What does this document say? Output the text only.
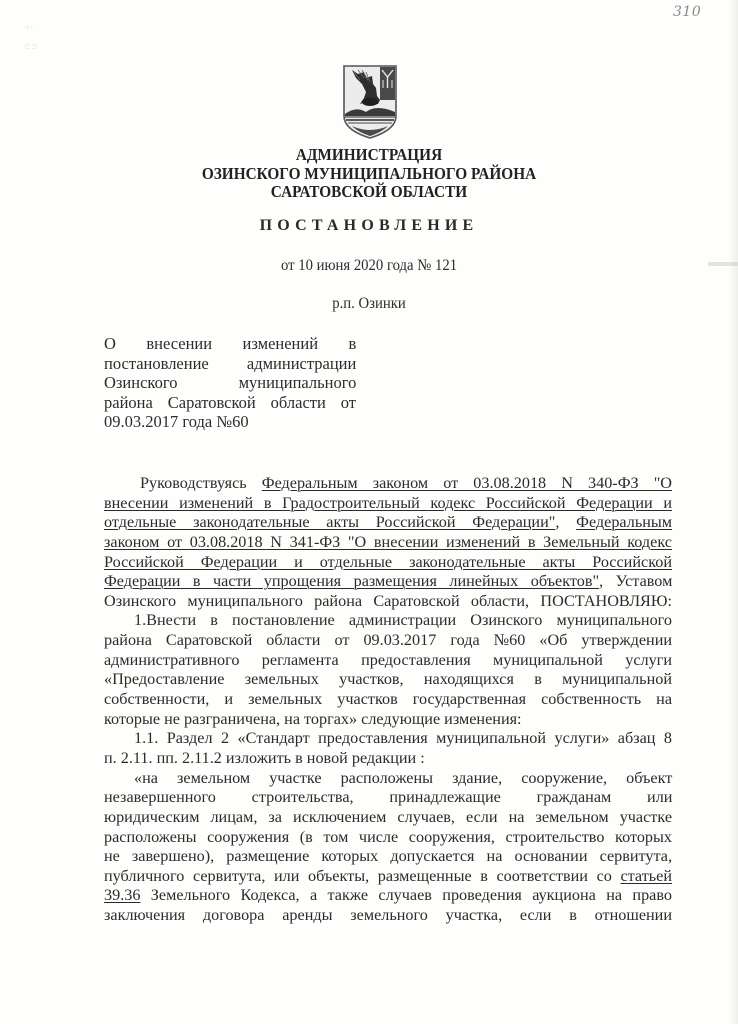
·⁰ ¹
⊂ ⊃
310
АДМИНИСТРАЦИЯ
ОЗИНСКОГО МУНИЦИПАЛЬНОГО РАЙОНА
САРАТОВСКОЙ ОБЛАСТИ
ПОСТАНОВЛЕНИЕ
от 10 июня 2020 года № 121
р.п. Озинки
О внесении изменений в
постановление администрации
Озинского муниципального
района Саратовской области от
09.03.2017 года №60
Руководствуясь Федеральным законом от 03.08.2018 N 340-ФЗ "О
внесении изменений в Градостроительный кодекс Российской Федерации и
отдельные законодательные акты Российской Федерации", Федеральным
законом от 03.08.2018 N 341-ФЗ "О внесении изменений в Земельный кодекс
Российской Федерации и отдельные законодательные акты Российской
Федерации в части упрощения размещения линейных объектов", Уставом
Озинского муниципального района Саратовской области, ПОСТАНОВЛЯЮ:
1.Внести в постановление администрации Озинского муниципального
района Саратовской области от 09.03.2017 года №60 «Об утверждении
административного регламента предоставления муниципальной услуги
«Предоставление земельных участков, находящихся в муниципальной
собственности, и земельных участков государственная собственность на
которые не разграничена, на торгах» следующие изменения:
1.1. Раздел 2 «Стандарт предоставления муниципальной услуги» абзац 8
п. 2.11. пп. 2.11.2 изложить в новой редакции :
«на земельном участке расположены здание, сооружение, объект
незавершенного строительства, принадлежащие гражданам или
юридическим лицам, за исключением случаев, если на земельном участке
расположены сооружения (в том числе сооружения, строительство которых
не завершено), размещение которых допускается на основании сервитута,
публичного сервитута, или объекты, размещенные в соответствии со статьей
39.36 Земельного Кодекса, а также случаев проведения аукциона на право
заключения договора аренды земельного участка, если в отношении
